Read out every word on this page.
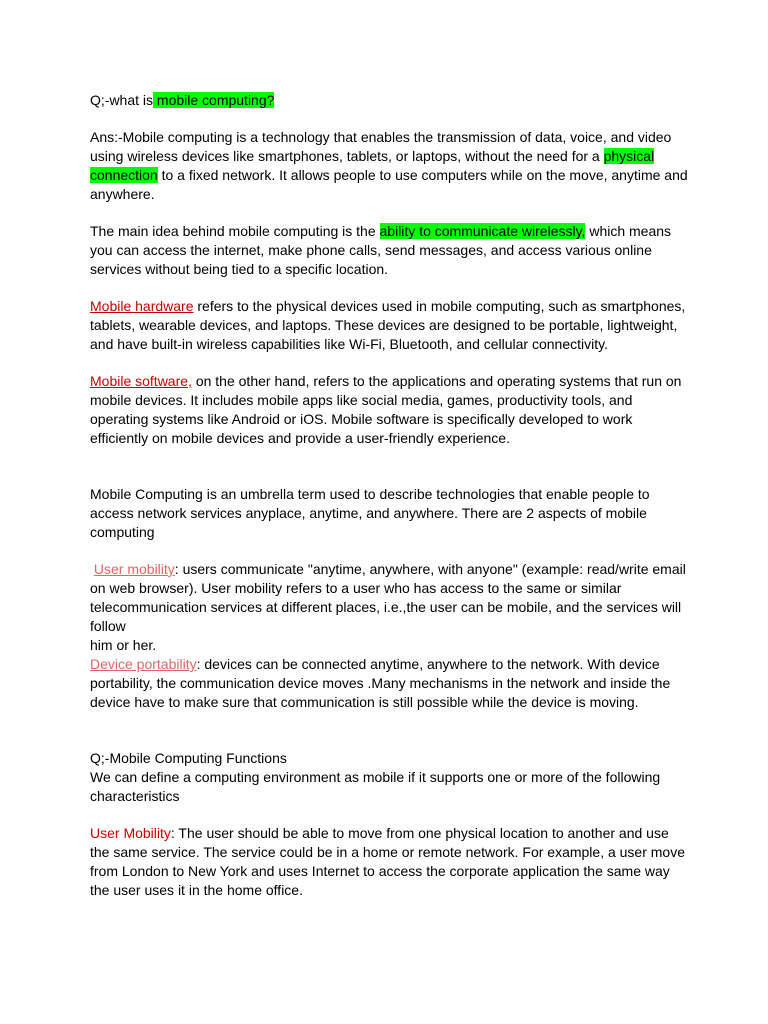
Q;-what is mobile computing?

Ans:-Mobile computing is a technology that enables the transmission of data, voice, and video using wireless devices like smartphones, tablets, or laptops, without the need for a physical connection to a fixed network. It allows people to use computers while on the move, anytime and anywhere.

The main idea behind mobile computing is the ability to communicate wirelessly, which means you can access the internet, make phone calls, send messages, and access various online services without being tied to a specific location.

Mobile hardware refers to the physical devices used in mobile computing, such as smartphones, tablets, wearable devices, and laptops. These devices are designed to be portable, lightweight, and have built-in wireless capabilities like Wi-Fi, Bluetooth, and cellular connectivity.

Mobile software, on the other hand, refers to the applications and operating systems that run on mobile devices. It includes mobile apps like social media, games, productivity tools, and operating systems like Android or iOS. Mobile software is specifically developed to work efficiently on mobile devices and provide a user-friendly experience.

Mobile Computing is an umbrella term used to describe technologies that enable people to access network services anyplace, anytime, and anywhere. There are 2 aspects of mobile computing

User mobility: users communicate "anytime, anywhere, with anyone" (example: read/write email on web browser). User mobility refers to a user who has access to the same or similar telecommunication services at different places, i.e.,the user can be mobile, and the services will follow

him or her.

Device portability: devices can be connected anytime, anywhere to the network. With device portability, the communication device moves .Many mechanisms in the network and inside the

device have to make sure that communication is still possible while the device is moving.

Q;-Mobile Computing Functions

We can define a computing environment as mobile if it supports one or more of the following characteristics

User Mobility: The user should be able to move from one physical location to another and use the same service. The service could be in a home or remote network. For example, a user move from London to New York and uses Internet to access the corporate application the same way the user uses it in the home office.
